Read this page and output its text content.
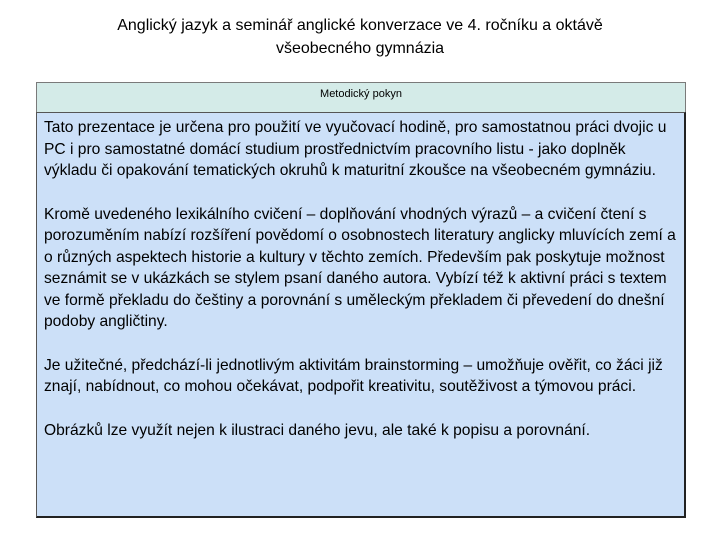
Anglický jazyk a seminář anglické konverzace ve 4. ročníku a oktávě
všeobecného gymnázia
Metodický pokyn

Tato prezentace je určena pro použití ve vyučovací hodině, pro samostatnou práci dvojic u PC i pro samostatné domácí studium prostřednictvím pracovního listu - jako doplněk výkladu či opakování tematických okruhů k maturitní zkoušce na všeobecném gymnáziu.

Kromě uvedeného lexikálního cvičení – doplňování vhodných výrazů – a cvičení čtení s porozuměním nabízí rozšíření povědomí o osobnostech literatury anglicky mluvících zemí a o různých aspektech historie a kultury v těchto zemích. Především pak poskytuje možnost seznámit se v ukázkách se stylem psaní daného autora. Vybízí též k aktivní práci s textem ve formě překladu do češtiny a porovnání s uměleckým překladem či převedení do dnešní podoby angličtiny.

Je užitečné, předchází-li jednotlivým aktivitám brainstorming – umožňuje ověřit, co žáci již znají, nabídnout, co mohou očekávat, podpořit kreativitu, soutěživost a týmovou práci.

Obrázků lze využít nejen k ilustraci daného jevu, ale také k popisu a porovnání.
